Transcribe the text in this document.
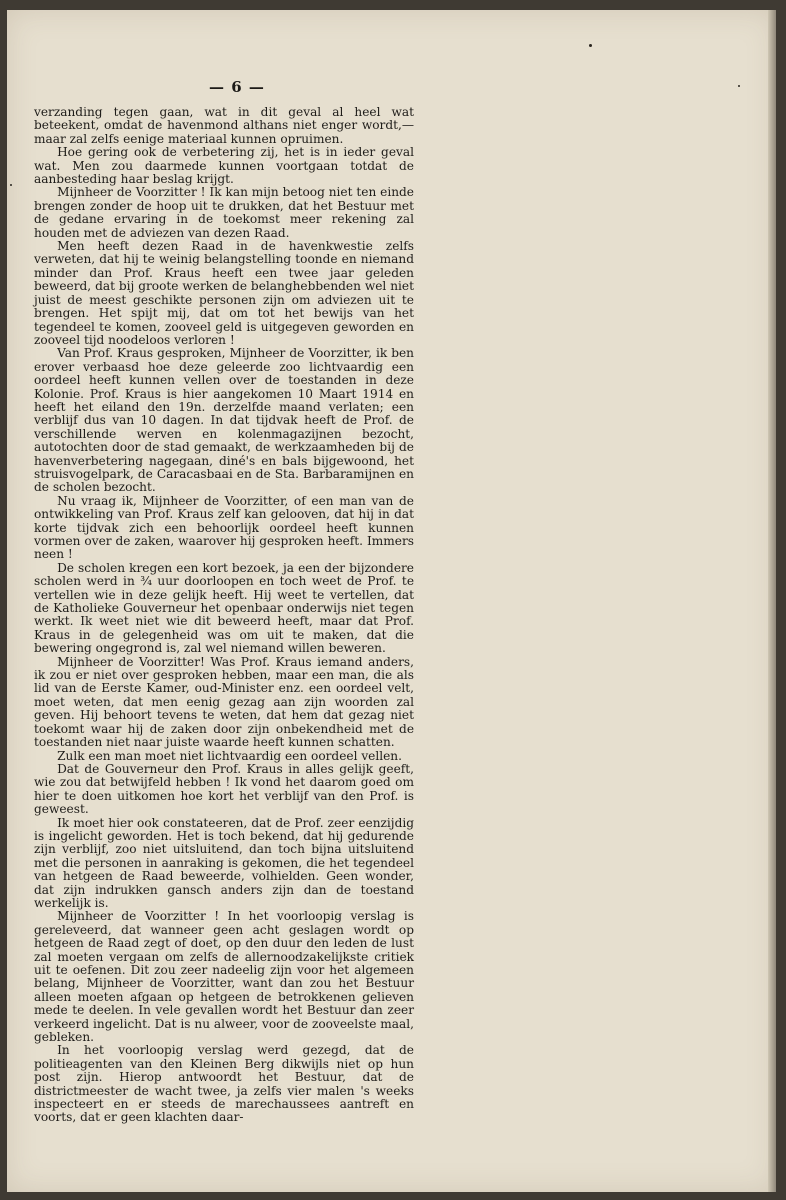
— 6 —

verzanding tegen gaan, wat in dit geval al heel wat beteekent, omdat de havenmond althans niet enger wordt,—maar zal zelfs eenige materiaal kunnen opruimen.

Hoe gering ook de verbetering zij, het is in ieder geval wat. Men zou daarmede kunnen voortgaan totdat de aanbesteding haar beslag krijgt.

Mijnheer de Voorzitter ! Ik kan mijn betoog niet ten einde brengen zonder de hoop uit te drukken, dat het Bestuur met de gedane ervaring in de toekomst meer rekening zal houden met de adviezen van dezen Raad.

Men heeft dezen Raad in de havenkwestie zelfs verweten, dat hij te weinig belangstelling toonde en niemand minder dan Prof. Kraus heeft een twee jaar geleden beweerd, dat bij groote werken de belanghebbenden wel niet juist de meest geschikte personen zijn om adviezen uit te brengen. Het spijt mij, dat om tot het bewijs van het tegendeel te komen, zooveel geld is uitgegeven geworden en zooveel tijd noodeloos verloren !

Van Prof. Kraus gesproken, Mijnheer de Voorzitter, ik ben erover verbaasd hoe deze geleerde zoo lichtvaardig een oordeel heeft kunnen vellen over de toestanden in deze Kolonie. Prof. Kraus is hier aangekomen 10 Maart 1914 en heeft het eiland den 19n. derzelfde maand verlaten; een verblijf dus van 10 dagen. In dat tijdvak heeft de Prof. de verschillende werven en kolenmagazijnen bezocht, autotochten door de stad gemaakt, de werkzaamheden bij de havenverbetering nagegaan, diné's en bals bijgewoond, het struisvogelpark, de Caracasbaai en de Sta. Barbaramijnen en de scholen bezocht.

Nu vraag ik, Mijnheer de Voorzitter, of een man van de ontwikkeling van Prof. Kraus zelf kan gelooven, dat hij in dat korte tijdvak zich een behoorlijk oordeel heeft kunnen vormen over de zaken, waarover hij gesproken heeft. Immers neen !

De scholen kregen een kort bezoek, ja een der bijzondere scholen werd in ¾ uur doorloopen en toch weet de Prof. te vertellen wie in deze gelijk heeft. Hij weet te vertellen, dat de Katholieke Gouverneur het openbaar onderwijs niet tegen werkt. Ik weet niet wie dit beweerd heeft, maar dat Prof. Kraus in de gelegenheid was om uit te maken, dat die bewering ongegrond is, zal wel niemand willen beweren.

Mijnheer de Voorzitter! Was Prof. Kraus iemand anders, ik zou er niet over gesproken hebben, maar een man, die als lid van de Eerste Kamer, oud-Minister enz. een oordeel velt, moet weten, dat men eenig gezag aan zijn woorden zal geven. Hij behoort tevens te weten, dat hem dat gezag niet toekomt waar hij de zaken door zijn onbekendheid met de toestanden niet naar juiste waarde heeft kunnen schatten.

Zulk een man moet niet lichtvaardig een oordeel vellen.

Dat de Gouverneur den Prof. Kraus in alles gelijk geeft, wie zou dat betwijfeld hebben ! Ik vond het daarom goed om hier te doen uitkomen hoe kort het verblijf van den Prof. is geweest.

Ik moet hier ook constateeren, dat de Prof. zeer eenzijdig is ingelicht geworden. Het is toch bekend, dat hij gedurende zijn verblijf, zoo niet uitsluitend, dan toch bijna uitsluitend met die personen in aanraking is gekomen, die het tegendeel van hetgeen de Raad beweerde, volhielden. Geen wonder, dat zijn indrukken gansch anders zijn dan de toestand werkelijk is.

Mijnheer de Voorzitter ! In het voorloopig verslag is gereleveerd, dat wanneer geen acht geslagen wordt op hetgeen de Raad zegt of doet, op den duur den leden de lust zal moeten vergaan om zelfs de allernoodzakelijkste critiek uit te oefenen. Dit zou zeer nadeelig zijn voor het algemeen belang, Mijnheer de Voorzitter, want dan zou het Bestuur alleen moeten afgaan op hetgeen de betrokkenen gelieven mede te deelen. In vele gevallen wordt het Bestuur dan zeer verkeerd ingelicht. Dat is nu alweer, voor de zooveelste maal, gebleken.

In het voorloopig verslag werd gezegd, dat de politieagenten van den Kleinen Berg dikwijls niet op hun post zijn. Hierop antwoordt het Bestuur, dat de districtmeester de wacht twee, ja zelfs vier malen 's weeks inspecteert en er steeds de marechaussees aantreft en voorts, dat er geen klachten daar-
